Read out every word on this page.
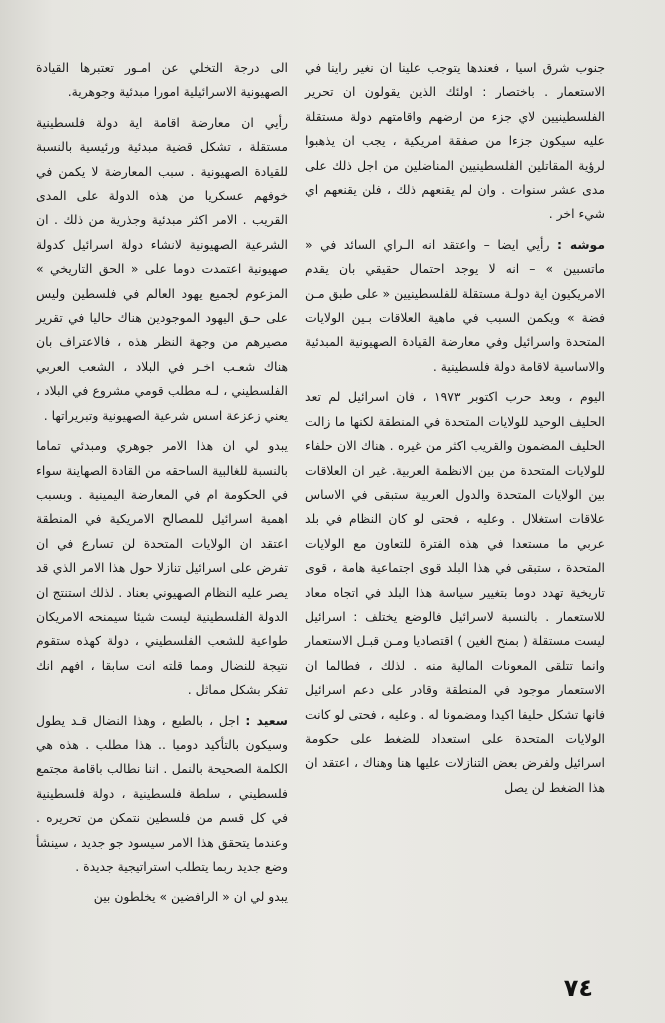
جنوب شرق اسيا ، فعندها يتوجب علينا ان نغير راينا في الاستعمار . باختصار : اولئك الذين يقولون ان تحرير الفلسطينيين لاي جزء من ارضهم واقامتهم دولة مستقلة عليه سيكون جزءا من صفقة امريكية ، يجب ان يذهبوا لرؤية المقاتلين الفلسطينيين المناضلين من اجل ذلك على مدى عشر سنوات . وان لم يقنعهم ذلك ، فلن يقنعهم اي شيء اخر .

موشه : رأيي ايضا – واعتقد انه الـراي السائد في « ماتسبين » – انه لا يوجد احتمال حقيقي بان يقدم الامريكيون اية دولـة مستقلة للفلسطينيين « على طبق مـن فضة » ويكمن السبب في ماهية العلاقات بـين الولايات المتحدة واسرائيل وفي معارضة القيادة الصهيونية المبدئية والاساسية لاقامة دولة فلسطينية .

اليوم ، وبعد حرب اكتوبر ١٩٧٣ ، فان اسرائيل لم تعد الحليف الوحيد للولايات المتحدة في المنطقة لكنها ما زالت الحليف المضمون والقريب اكثر من غيره . هناك الان حلفاء للولايات المتحدة من بين الانظمة العربية. غير ان العلاقات بين الولايات المتحدة والدول العربية ستبقى في الاساس علاقات استغلال . وعليه ، فحتى لو كان النظام في بلد عربي ما مستعدا في هذه الفترة للتعاون مع الولايات المتحدة ، ستبقى في هذا البلد قوى اجتماعية هامة ، قوى تاريخية تهدد دوما بتغيير سياسة هذا البلد في اتجاه معاد للاستعمار . بالنسبة لاسرائيل فالوضع يختلف : اسرائيل ليست مستقلة ( بمنح الغين ) اقتصاديا ومـن قبـل الاستعمار وانما تتلقى المعونات المالية منه . لذلك ، فطالما ان الاستعمار موجود في المنطقة وقادر على دعم اسرائيل فانها تشكل حليفا اكيدا ومضمونا له . وعليه ، فحتى لو كانت الولايات المتحدة على استعداد للضغط على حكومة اسرائيل ولفرض بعض التنازلات عليها هنا وهناك ، اعتقد ان هذا الضغط لن يصل

الى درجة التخلي عن امـور تعتبرها القيادة الصهيونية الاسرائيلية امورا مبدئية وجوهرية.

رأيي ان معارضة اقامة اية دولة فلسطينية مستقلة ، تشكل قضية مبدئية ورئيسية بالنسبة للقيادة الصهيونية . سبب المعارضة لا يكمن في خوفهم عسكريا من هذه الدولة على المدى القريب . الامر اكثر مبدئية وجذرية من ذلك . ان الشرعية الصهيونية لانشاء دولة اسرائيل كدولة صهيونية اعتمدت دوما على « الحق التاريخي » المزعوم لجميع يهود العالم في فلسطين وليس على حـق اليهود الموجودين هناك حاليا في تقرير مصيرهم من وجهة النظر هذه ، فالاعتراف بان هناك شعـب اخـر في البلاد ، الشعب العربي الفلسطيني ، لـه مطلب قومي مشروع في البلاد ، يعني زعزعة اسس شرعية الصهيونية وتبريراتها .

يبدو لي ان هذا الامر جوهري ومبدئي تماما بالنسبة للغالبية الساحقه من القادة الصهاينة سواء في الحكومة ام في المعارضة اليمينية . وبسبب اهمية اسرائيل للمصالح الامريكية في المنطقة اعتقد ان الولايات المتحدة لن تسارع في ان تفرض على اسرائيل تنازلا حول هذا الامر الذي قد يصر عليه النظام الصهيوني بعناد . لذلك استنتج ان الدولة الفلسطينية ليست شيئا سيمنحه الامريكان طواعية للشعب الفلسطيني ، دولة كهذه ستقوم نتيجة للنضال ومما قلته انت سابقا ، افهم انك تفكر بشكل مماثل .

سعيد : اجل ، بالطبع ، وهذا النضال قـد يطول وسيكون بالتأكيد دوميا .. هذا مطلب . هذه هي الكلمة الصحيحة بالنمل . اننا نطالب باقامة مجتمع فلسطيني ، سلطة فلسطينية ، دولة فلسطينية في كل قسم من فلسطين نتمكن من تحريره . وعندما يتحقق هذا الامر سيسود جو جديد ، سينشأ وضع جديد ربما يتطلب استراتيجية جديدة .

يبدو لي ان « الرافضين » يخلطون بين

٧٤
